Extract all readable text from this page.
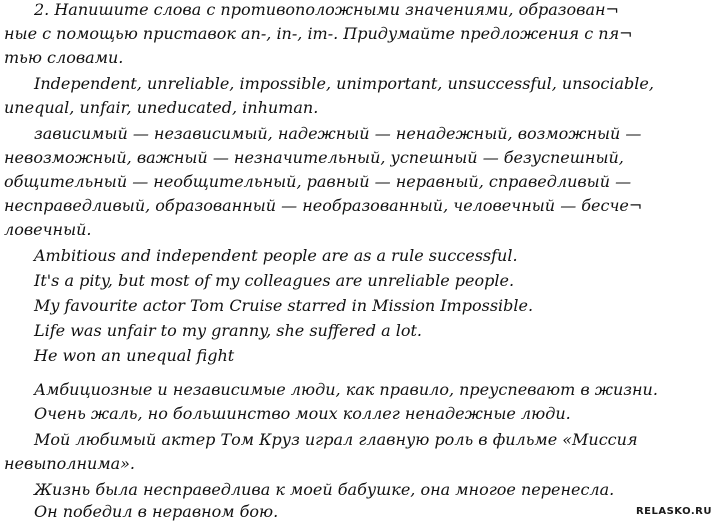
2. Напишите слова с противоположными значениями, образован¬
ные с помощью приставок an-, in-, im-. Придумайте предложения с пя¬
тью словами.
Independent, unreliable, impossible, unimportant, unsuccessful, unsociable,
unequal, unfair, uneducated, inhuman.
зависимый — независимый, надежный — ненадежный, возможный —
невозможный, важный — незначительный, успешный — безуспешный,
общительный — необщительный, равный — неравный, справедливый —
несправедливый, образованный — необразованный, человечный — бесче¬
ловечный.
Ambitious and independent people are as a rule successful.
It's a pity, but most of my colleagues are unreliable people.
My favourite actor Tom Cruise starred in Mission Impossible.
Life was unfair to my granny, she suffered a lot.
He won an unequal fight
Амбициозные и независимые люди, как правило, преуспевают в жизни.
Очень жаль, но большинство моих коллег ненадежные люди.
Мой любимый актер Том Круз играл главную роль в фильме «Миссия
невыполнима».
Жизнь была несправедлива к моей бабушке, она многое перенесла.
Он победил в неравном бою.	RELASKO.RU
